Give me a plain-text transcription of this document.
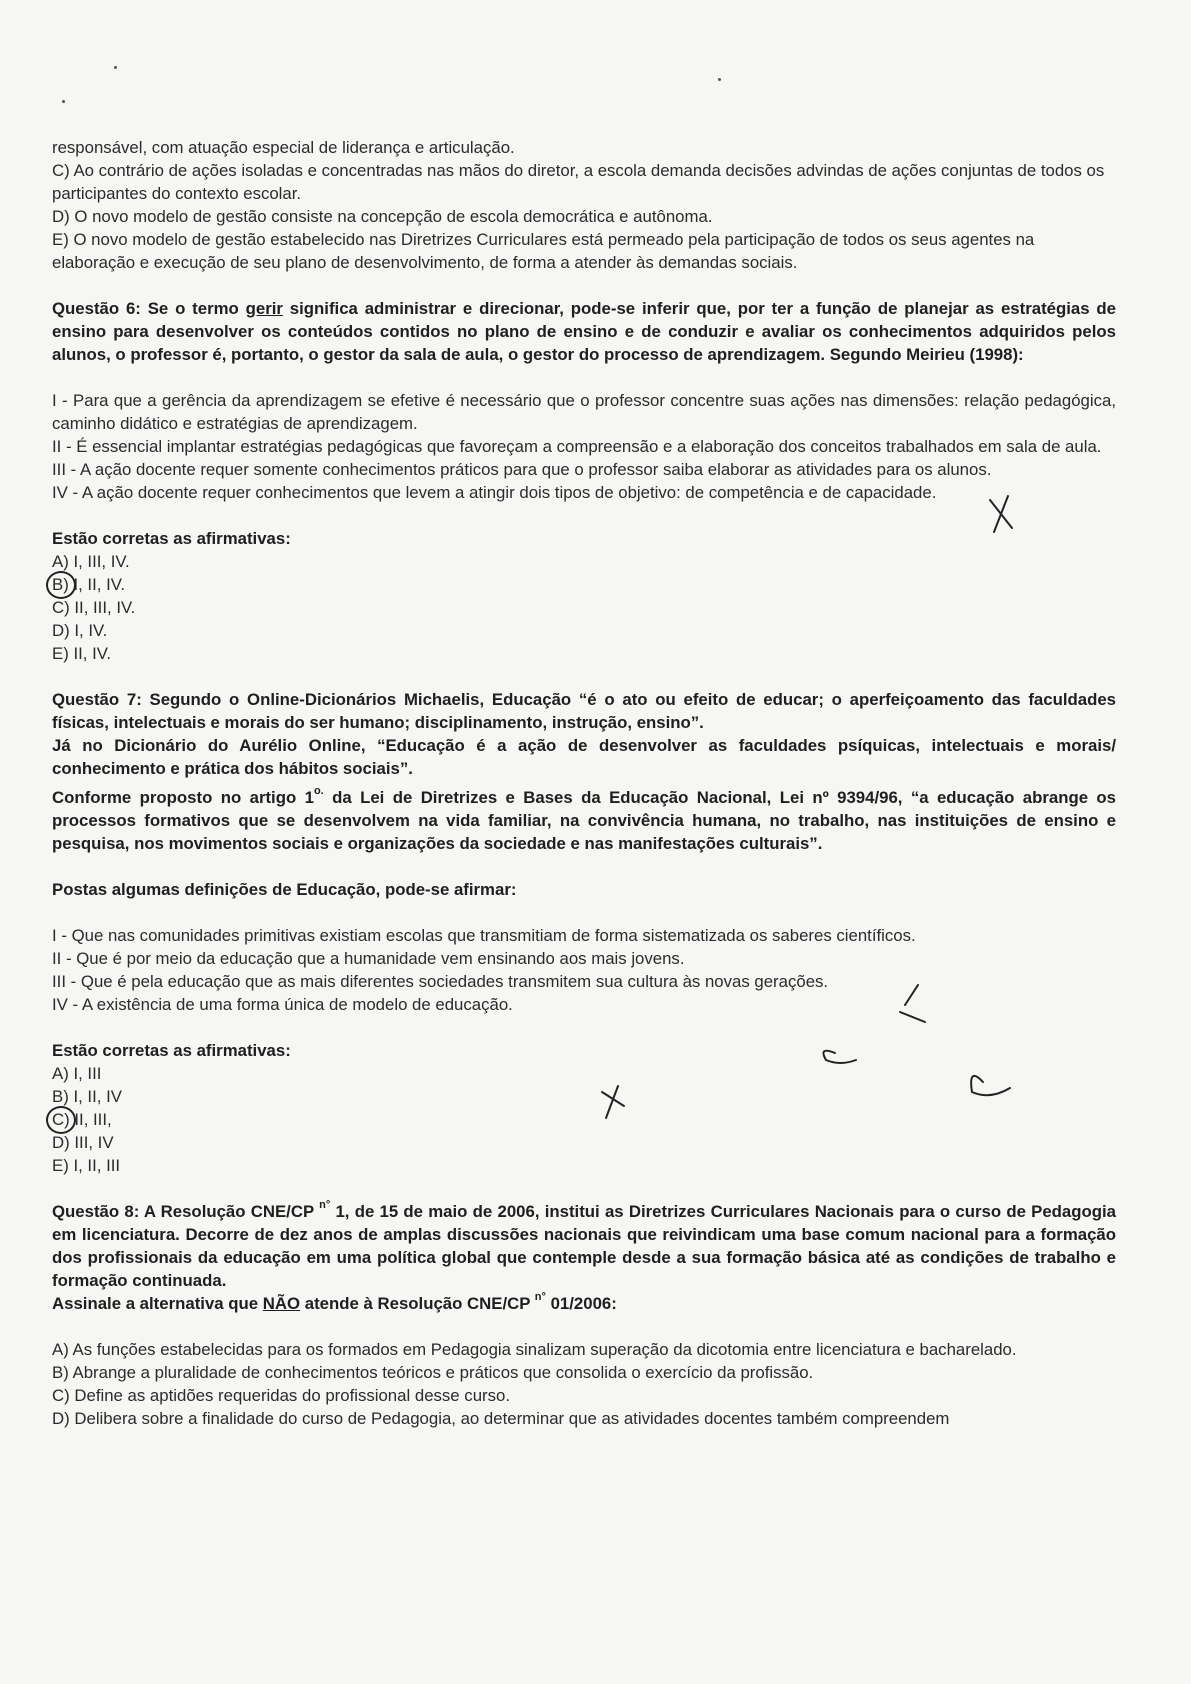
responsável, com atuação especial de liderança e articulação.

C) Ao contrário de ações isoladas e concentradas nas mãos do diretor, a escola demanda decisões advindas de ações conjuntas de todos os participantes do contexto escolar.

D) O novo modelo de gestão consiste na concepção de escola democrática e autônoma.

E) O novo modelo de gestão estabelecido nas Diretrizes Curriculares está permeado pela participação de todos os seus agentes na elaboração e execução de seu plano de desenvolvimento, de forma a atender às demandas sociais.

Questão 6: Se o termo gerir significa administrar e direcionar, pode-se inferir que, por ter a função de planejar as estratégias de ensino para desenvolver os conteúdos contidos no plano de ensino e de conduzir e avaliar os conhecimentos adquiridos pelos alunos, o professor é, portanto, o gestor da sala de aula, o gestor do processo de aprendizagem. Segundo Meirieu (1998):

I - Para que a gerência da aprendizagem se efetive é necessário que o professor concentre suas ações nas dimensões: relação pedagógica, caminho didático e estratégias de aprendizagem.

II - É essencial implantar estratégias pedagógicas que favoreçam a compreensão e a elaboração dos conceitos trabalhados em sala de aula.

III - A ação docente requer somente conhecimentos práticos para que o professor saiba elaborar as atividades para os alunos.

IV - A ação docente requer conhecimentos que levem a atingir dois tipos de objetivo: de competência e de capacidade.

Estão corretas as afirmativas:

A) I, III, IV.
B) I, II, IV.
C) II, III, IV.
D) I, IV.
E) II, IV.

Questão 7: Segundo o Online-Dicionários Michaelis, Educação “é o ato ou efeito de educar; o aperfeiçoamento das faculdades físicas, intelectuais e morais do ser humano; disciplinamento, instrução, ensino”.

Já no Dicionário do Aurélio Online, “Educação é a ação de desenvolver as faculdades psíquicas, intelectuais e morais/ conhecimento e prática dos hábitos sociais”.

Conforme proposto no artigo $1^{o.}$ da Lei de Diretrizes e Bases da Educação Nacional, Lei nº 9394/96, “a educação abrange os processos formativos que se desenvolvem na vida familiar, na convivência humana, no trabalho, nas instituições de ensino e pesquisa, nos movimentos sociais e organizações da sociedade e nas manifestações culturais”.

Postas algumas definições de Educação, pode-se afirmar:

I - Que nas comunidades primitivas existiam escolas que transmitiam de forma sistematizada os saberes científicos.

II - Que é por meio da educação que a humanidade vem ensinando aos mais jovens.

III - Que é pela educação que as mais diferentes sociedades transmitem sua cultura às novas gerações.

IV - A existência de uma forma única de modelo de educação.

Estão corretas as afirmativas:

A) I, III
B) I, II, IV
C) II, III,
D) III, IV
E) I, II, III

Questão 8: A Resolução CNE/CP $^{n^\circ}$ 1, de 15 de maio de 2006, institui as Diretrizes Curriculares Nacionais para o curso de Pedagogia em licenciatura. Decorre de dez anos de amplas discussões nacionais que reivindicam uma base comum nacional para a formação dos profissionais da educação em uma política global que contemple desde a sua formação básica até as condições de trabalho e formação continuada.

Assinale a alternativa que NÃO atende à Resolução CNE/CP $^{n^\circ}$ 01/2006:

A) As funções estabelecidas para os formados em Pedagogia sinalizam superação da dicotomia entre licenciatura e bacharelado.

B) Abrange a pluralidade de conhecimentos teóricos e práticos que consolida o exercício da profissão.

C) Define as aptidões requeridas do profissional desse curso.

D) Delibera sobre a finalidade do curso de Pedagogia, ao determinar que as atividades docentes também compreendem
